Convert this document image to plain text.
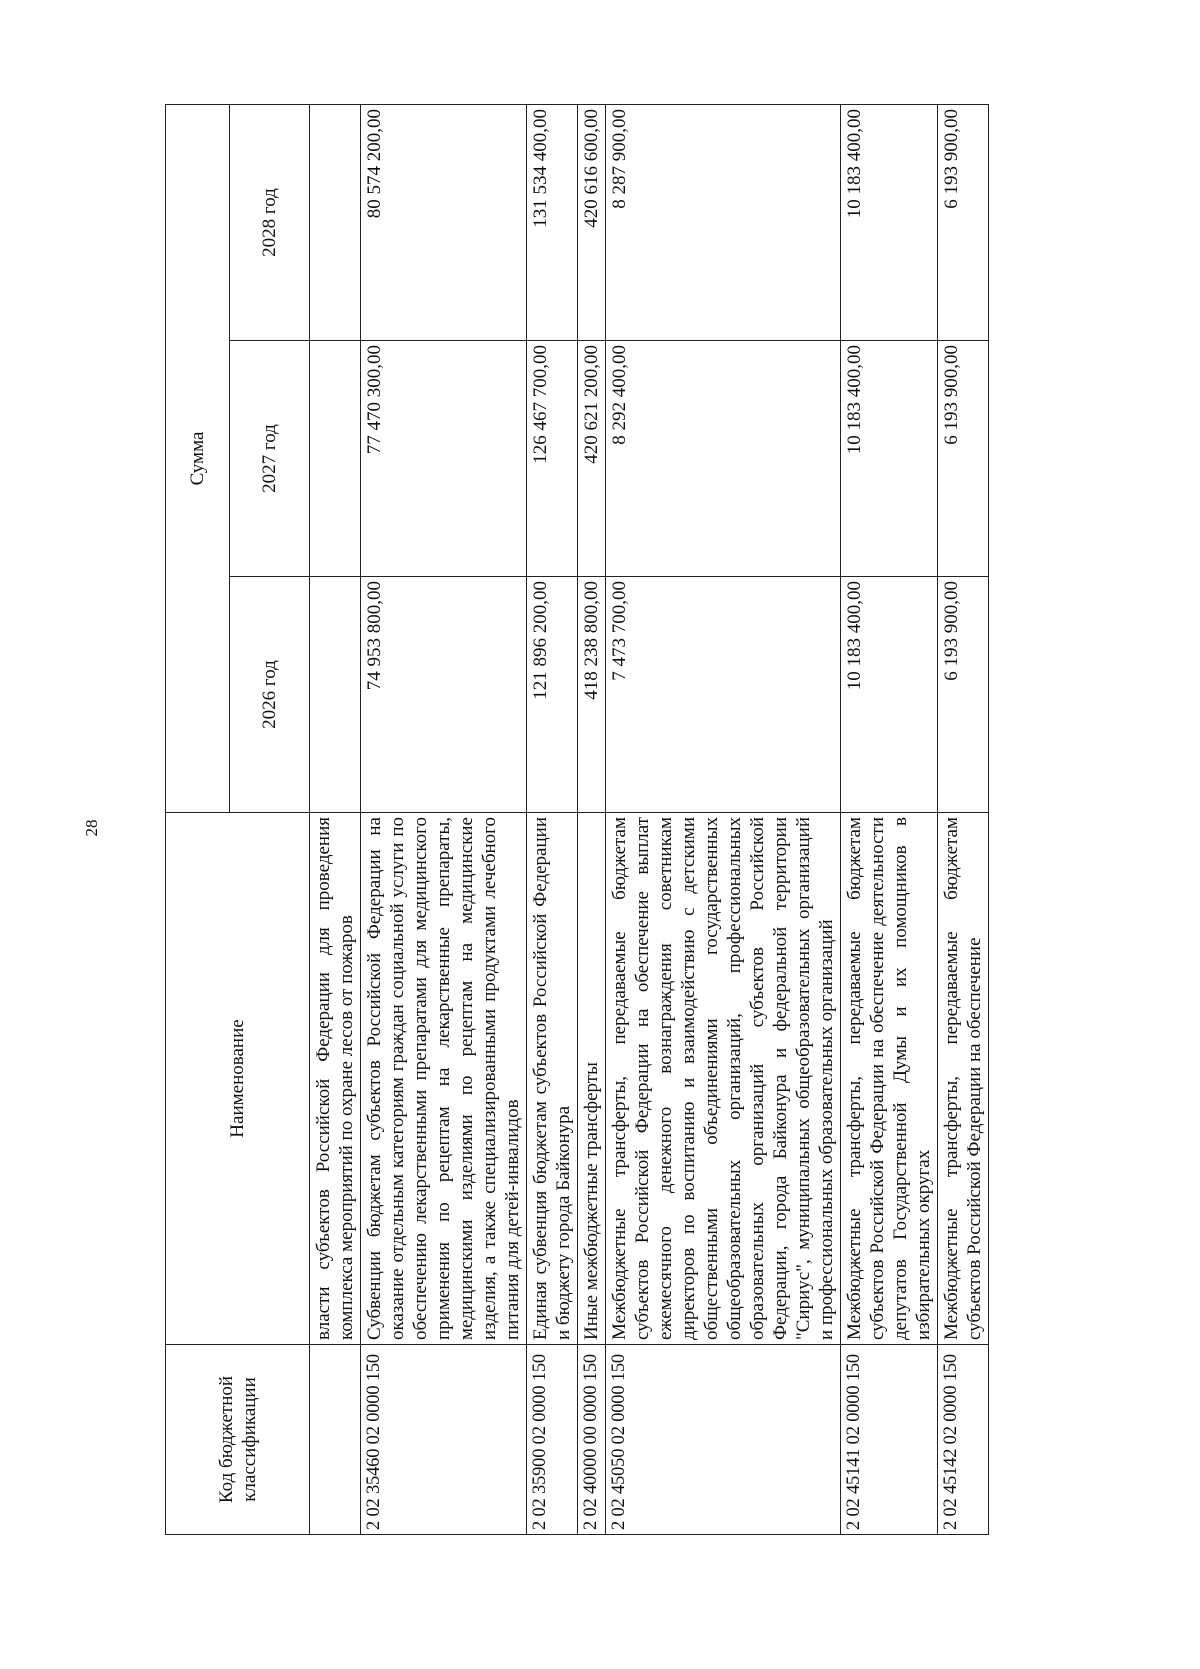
28
Код бюджетной классификации	Наименование	Сумма		
		2026 год	2027 год	2028 год
	власти субъектов Российской Федерации для проведения комплекса мероприятий по охране лесов от пожаров			
2 02 35460 02 0000 150	Субвенции бюджетам субъектов Российской Федерации на оказание отдельным категориям граждан социальной услуги по обеспечению лекарственными препаратами для медицинского применения по рецептам на лекарственные препараты, медицинскими изделиями по рецептам на медицинские изделия, а также специализированными продуктами лечебного питания для детей-инвалидов	74 953 800,00	77 470 300,00	80 574 200,00
2 02 35900 02 0000 150	Единая субвенция бюджетам субъектов Российской Федерации и бюджету города Байконура	121 896 200,00	126 467 700,00	131 534 400,00
2 02 40000 00 0000 150	Иные межбюджетные трансферты	418 238 800,00	420 621 200,00	420 616 600,00
2 02 45050 02 0000 150	Межбюджетные трансферты, передаваемые бюджетам субъектов Российской Федерации на обеспечение выплат ежемесячного денежного вознаграждения советникам директоров по воспитанию и взаимодействию с детскими общественными объединениями государственных общеобразовательных организаций, профессиональных образовательных организаций субъектов Российской Федерации, города Байконура и федеральной территории "Сириус", муниципальных общеобразовательных организаций и профессиональных образовательных организаций	7 473 700,00	8 292 400,00	8 287 900,00
2 02 45141 02 0000 150	Межбюджетные трансферты, передаваемые бюджетам субъектов Российской Федерации на обеспечение деятельности депутатов Государственной Думы и их помощников в избирательных округах	10 183 400,00	10 183 400,00	10 183 400,00
2 02 45142 02 0000 150	Межбюджетные трансферты, передаваемые бюджетам субъектов Российской Федерации на обеспечение	6 193 900,00	6 193 900,00	6 193 900,00
